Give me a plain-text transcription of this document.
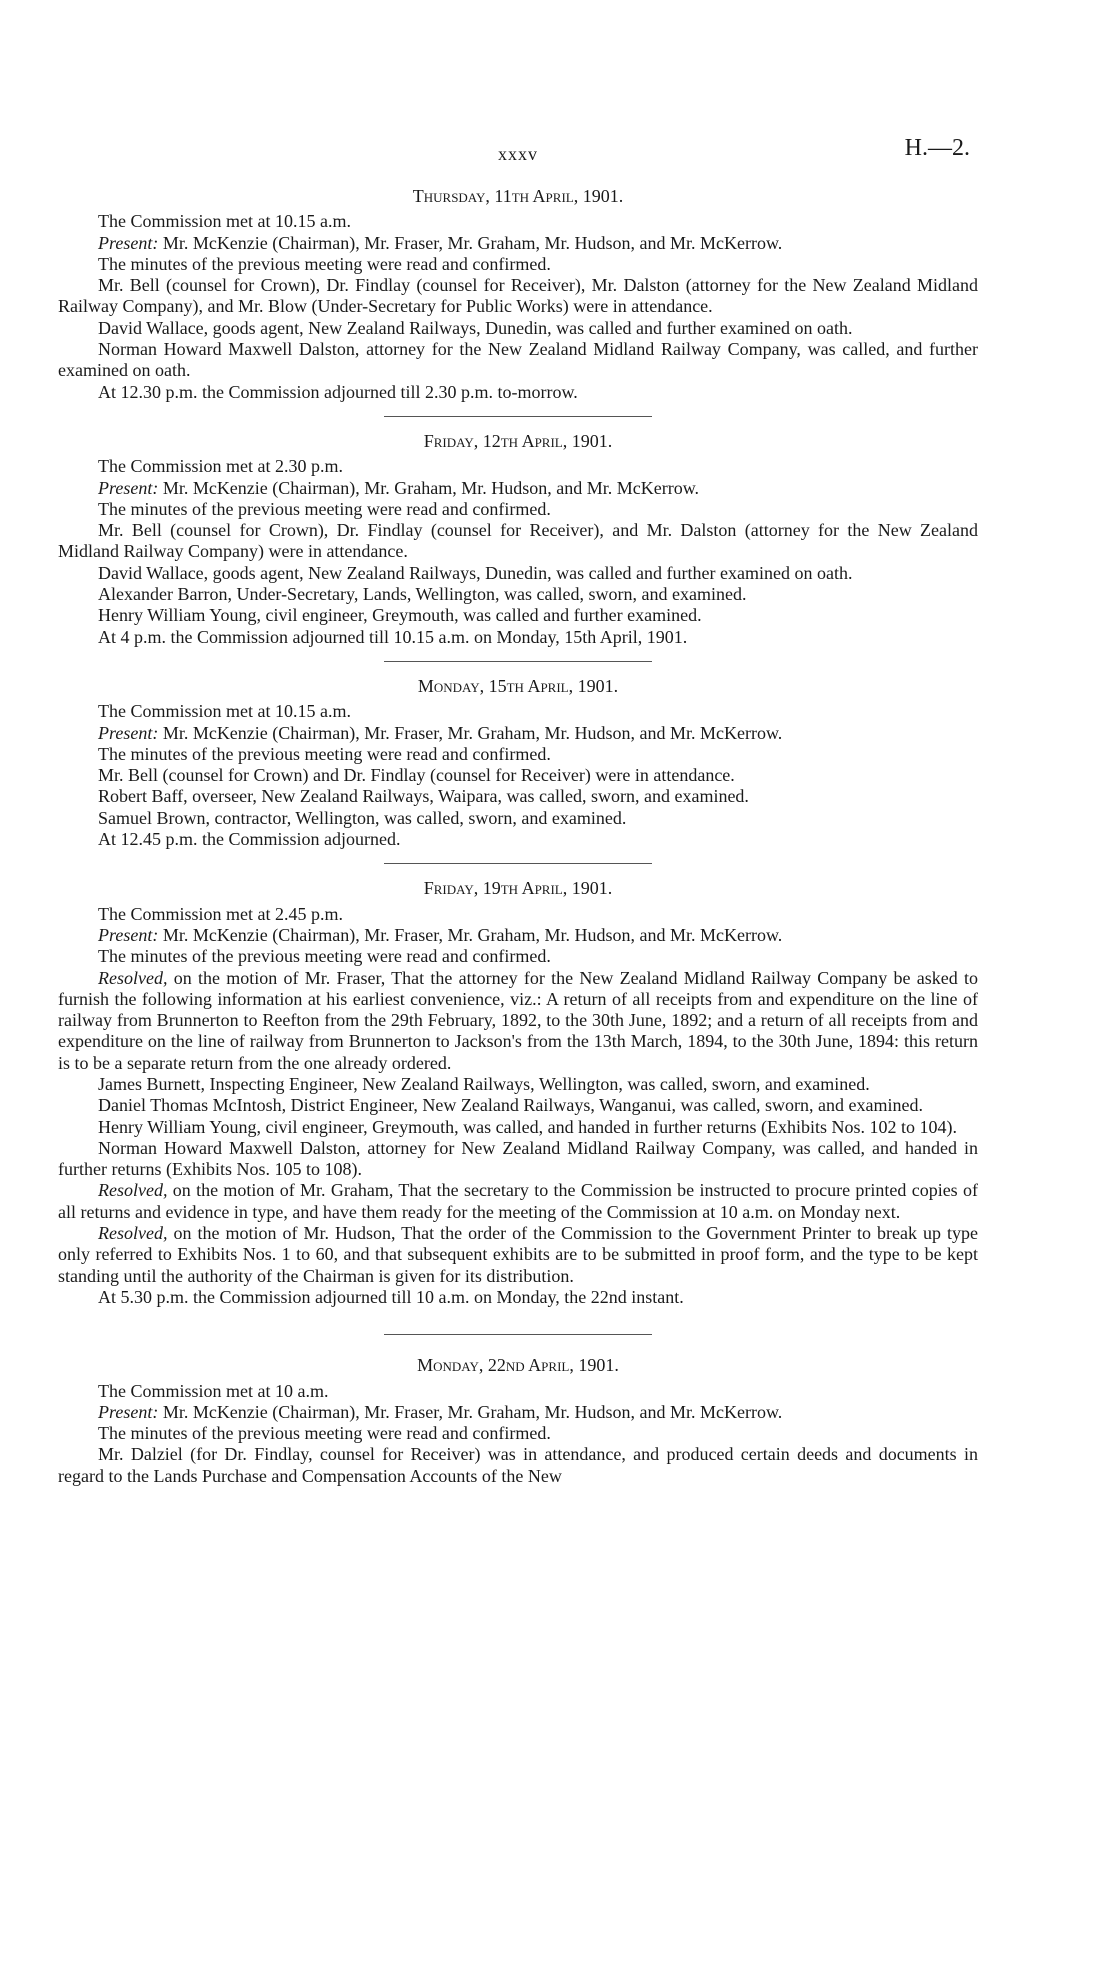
xxxv	H.—2.
Thursday, 11th April, 1901.

The Commission met at 10.15 a.m.

Present: Mr. McKenzie (Chairman), Mr. Fraser, Mr. Graham, Mr. Hudson, and Mr. McKerrow.

The minutes of the previous meeting were read and confirmed.

Mr. Bell (counsel for Crown), Dr. Findlay (counsel for Receiver), Mr. Dalston (attorney for the New Zealand Midland Railway Company), and Mr. Blow (Under-Secretary for Public Works) were in attendance.

David Wallace, goods agent, New Zealand Railways, Dunedin, was called and further examined on oath.

Norman Howard Maxwell Dalston, attorney for the New Zealand Midland Railway Company, was called, and further examined on oath.

At 12.30 p.m. the Commission adjourned till 2.30 p.m. to-morrow.

Friday, 12th April, 1901.

The Commission met at 2.30 p.m.

Present: Mr. McKenzie (Chairman), Mr. Graham, Mr. Hudson, and Mr. McKerrow.

The minutes of the previous meeting were read and confirmed.

Mr. Bell (counsel for Crown), Dr. Findlay (counsel for Receiver), and Mr. Dalston (attorney for the New Zealand Midland Railway Company) were in attendance.

David Wallace, goods agent, New Zealand Railways, Dunedin, was called and further examined on oath.

Alexander Barron, Under-Secretary, Lands, Wellington, was called, sworn, and examined.

Henry William Young, civil engineer, Greymouth, was called and further examined.

At 4 p.m. the Commission adjourned till 10.15 a.m. on Monday, 15th April, 1901.

Monday, 15th April, 1901.

The Commission met at 10.15 a.m.

Present: Mr. McKenzie (Chairman), Mr. Fraser, Mr. Graham, Mr. Hudson, and Mr. McKerrow.

The minutes of the previous meeting were read and confirmed.

Mr. Bell (counsel for Crown) and Dr. Findlay (counsel for Receiver) were in attendance.

Robert Baff, overseer, New Zealand Railways, Waipara, was called, sworn, and examined.

Samuel Brown, contractor, Wellington, was called, sworn, and examined.

At 12.45 p.m. the Commission adjourned.

Friday, 19th April, 1901.

The Commission met at 2.45 p.m.

Present: Mr. McKenzie (Chairman), Mr. Fraser, Mr. Graham, Mr. Hudson, and Mr. McKerrow.

The minutes of the previous meeting were read and confirmed.

Resolved, on the motion of Mr. Fraser, That the attorney for the New Zealand Midland Railway Company be asked to furnish the following information at his earliest convenience, viz.: A return of all receipts from and expenditure on the line of railway from Brunnerton to Reefton from the 29th February, 1892, to the 30th June, 1892; and a return of all receipts from and expenditure on the line of railway from Brunnerton to Jackson's from the 13th March, 1894, to the 30th June, 1894: this return is to be a separate return from the one already ordered.

James Burnett, Inspecting Engineer, New Zealand Railways, Wellington, was called, sworn, and examined.

Daniel Thomas McIntosh, District Engineer, New Zealand Railways, Wanganui, was called, sworn, and examined.

Henry William Young, civil engineer, Greymouth, was called, and handed in further returns (Exhibits Nos. 102 to 104).

Norman Howard Maxwell Dalston, attorney for New Zealand Midland Railway Company, was called, and handed in further returns (Exhibits Nos. 105 to 108).

Resolved, on the motion of Mr. Graham, That the secretary to the Commission be instructed to procure printed copies of all returns and evidence in type, and have them ready for the meeting of the Commission at 10 a.m. on Monday next.

Resolved, on the motion of Mr. Hudson, That the order of the Commission to the Government Printer to break up type only referred to Exhibits Nos. 1 to 60, and that subsequent exhibits are to be submitted in proof form, and the type to be kept standing until the authority of the Chairman is given for its distribution.

At 5.30 p.m. the Commission adjourned till 10 a.m. on Monday, the 22nd instant.

Monday, 22nd April, 1901.

The Commission met at 10 a.m.

Present: Mr. McKenzie (Chairman), Mr. Fraser, Mr. Graham, Mr. Hudson, and Mr. McKerrow.

The minutes of the previous meeting were read and confirmed.

Mr. Dalziel (for Dr. Findlay, counsel for Receiver) was in attendance, and produced certain deeds and documents in regard to the Lands Purchase and Compensation Accounts of the New
